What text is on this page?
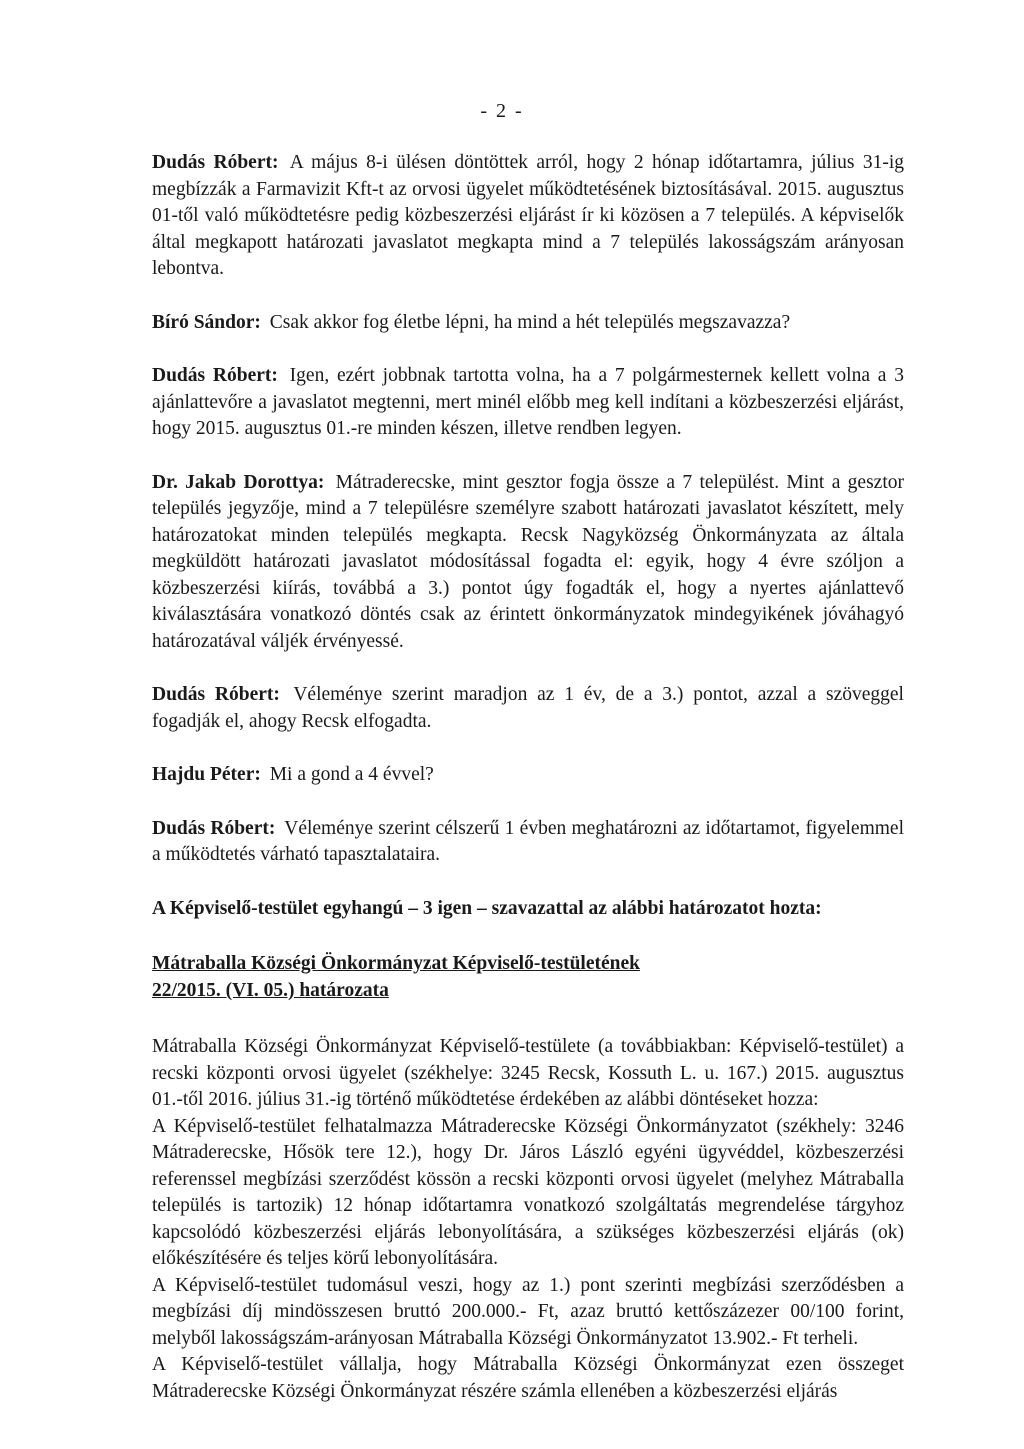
- 2 -

Dudás Róbert: A május 8-i ülésen döntöttek arról, hogy 2 hónap időtartamra, július 31-ig megbízzák a Farmavizit Kft-t az orvosi ügyelet működtetésének biztosításával. 2015. augusztus 01-től való működtetésre pedig közbeszerzési eljárást ír ki közösen a 7 település. A képviselők által megkapott határozati javaslatot megkapta mind a 7 település lakosságszám arányosan lebontva.

Bíró Sándor: Csak akkor fog életbe lépni, ha mind a hét település megszavazza?

Dudás Róbert: Igen, ezért jobbnak tartotta volna, ha a 7 polgármesternek kellett volna a 3 ajánlattevőre a javaslatot megtenni, mert minél előbb meg kell indítani a közbeszerzési eljárást, hogy 2015. augusztus 01.-re minden készen, illetve rendben legyen.

Dr. Jakab Dorottya: Mátraderecske, mint gesztor fogja össze a 7 települést. Mint a gesztor település jegyzője, mind a 7 településre személyre szabott határozati javaslatot készített, mely határozatokat minden település megkapta. Recsk Nagyközség Önkormányzata az általa megküldött határozati javaslatot módosítással fogadta el: egyik, hogy 4 évre szóljon a közbeszerzési kiírás, továbbá a 3.) pontot úgy fogadták el, hogy a nyertes ajánlattevő kiválasztására vonatkozó döntés csak az érintett önkormányzatok mindegyikének jóváhagyó határozatával váljék érvényessé.

Dudás Róbert: Véleménye szerint maradjon az 1 év, de a 3.) pontot, azzal a szöveggel fogadják el, ahogy Recsk elfogadta.

Hajdu Péter: Mi a gond a 4 évvel?

Dudás Róbert: Véleménye szerint célszerű 1 évben meghatározni az időtartamot, figyelemmel a működtetés várható tapasztalataira.

A Képviselő-testület egyhangú – 3 igen – szavazattal az alábbi határozatot hozta:

Mátraballa Községi Önkormányzat Képviselő-testületének
22/2015. (VI. 05.) határozata

Mátraballa Községi Önkormányzat Képviselő-testülete (a továbbiakban: Képviselő-testület) a recski központi orvosi ügyelet (székhelye: 3245 Recsk, Kossuth L. u. 167.) 2015. augusztus 01.-től 2016. július 31.-ig történő működtetése érdekében az alábbi döntéseket hozza:

A Képviselő-testület felhatalmazza Mátraderecske Községi Önkormányzatot (székhely: 3246 Mátraderecske, Hősök tere 12.), hogy Dr. Járos László egyéni ügyvéddel, közbeszerzési referenssel megbízási szerződést kössön a recski központi orvosi ügyelet (melyhez Mátraballa település is tartozik) 12 hónap időtartamra vonatkozó szolgáltatás megrendelése tárgyhoz kapcsolódó közbeszerzési eljárás lebonyolítására, a szükséges közbeszerzési eljárás (ok) előkészítésére és teljes körű lebonyolítására.

A Képviselő-testület tudomásul veszi, hogy az 1.) pont szerinti megbízási szerződésben a megbízási díj mindösszesen bruttó 200.000.- Ft, azaz bruttó kettőszázezer 00/100 forint, melyből lakosságszám-arányosan Mátraballa Községi Önkormányzatot 13.902.- Ft terheli.

A Képviselő-testület vállalja, hogy Mátraballa Községi Önkormányzat ezen összeget Mátraderecske Községi Önkormányzat részére számla ellenében a közbeszerzési eljárás
